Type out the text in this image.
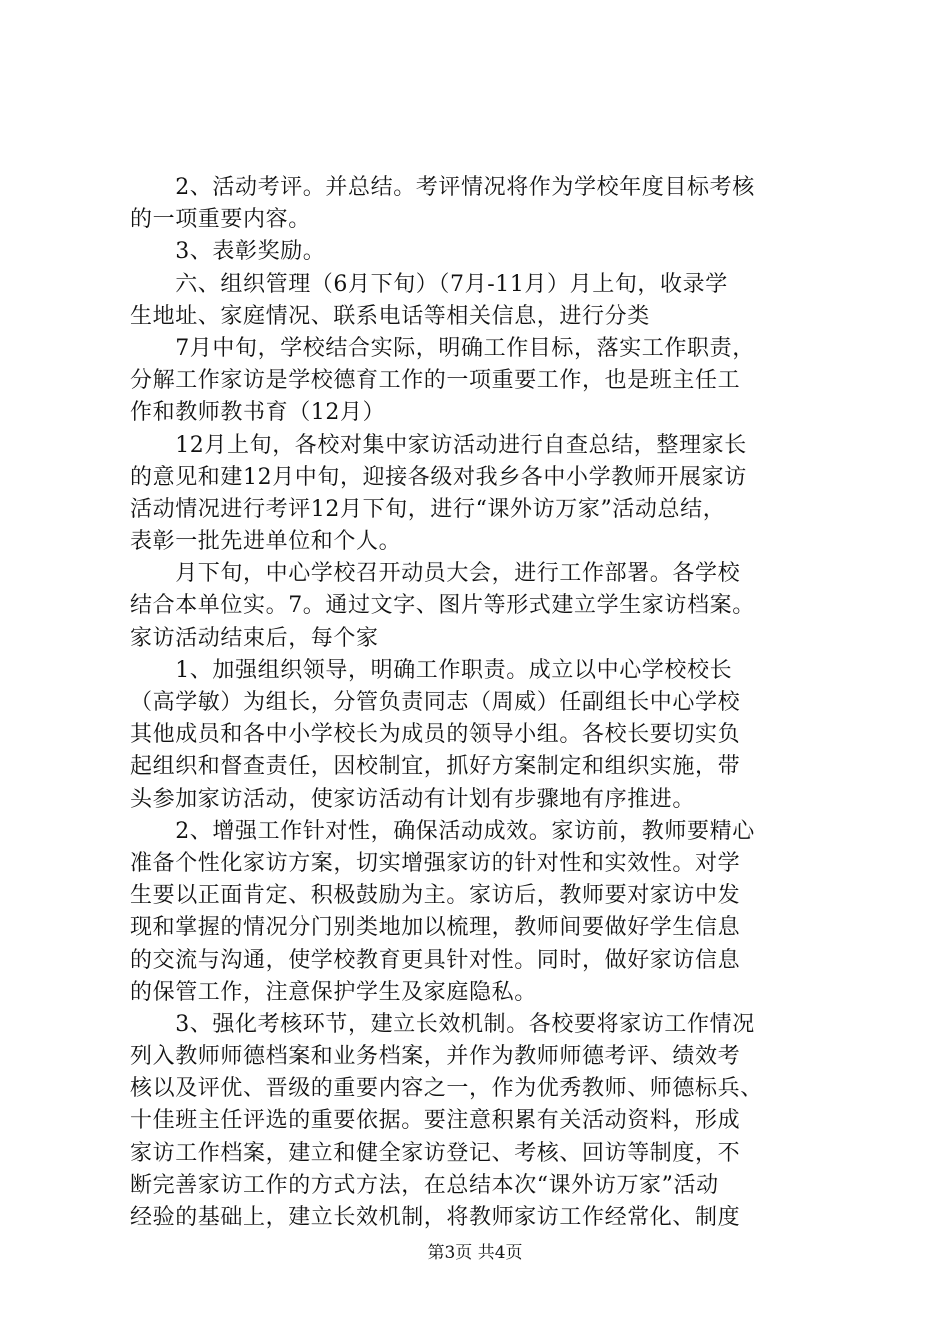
　　2、活动考评。并总结。考评情况将作为学校年度目标考核
的一项重要内容。
　　3、表彰奖励。
　　六、组织管理（6月下旬）（7月-11月）月上旬，收录学
生地址、家庭情况、联系电话等相关信息，进行分类
　　7月中旬，学校结合实际，明确工作目标，落实工作职责，
分解工作家访是学校德育工作的一项重要工作，也是班主任工
作和教师教书育（12月）
　　12月上旬，各校对集中家访活动进行自查总结，整理家长
的意见和建12月中旬，迎接各级对我乡各中小学教师开展家访
活动情况进行考评12月下旬，进行“课外访万家”活动总结，
表彰一批先进单位和个人。
　　月下旬，中心学校召开动员大会，进行工作部署。各学校
结合本单位实。7。通过文字、图片等形式建立学生家访档案。
家访活动结束后，每个家
　　1、加强组织领导，明确工作职责。成立以中心学校校长
（高学敏）为组长，分管负责同志（周威）任副组长中心学校
其他成员和各中小学校长为成员的领导小组。各校长要切实负
起组织和督查责任，因校制宜，抓好方案制定和组织实施，带
头参加家访活动，使家访活动有计划有步骤地有序推进。
　　2、增强工作针对性，确保活动成效。家访前，教师要精心
准备个性化家访方案，切实增强家访的针对性和实效性。对学
生要以正面肯定、积极鼓励为主。家访后，教师要对家访中发
现和掌握的情况分门别类地加以梳理，教师间要做好学生信息
的交流与沟通，使学校教育更具针对性。同时，做好家访信息
的保管工作，注意保护学生及家庭隐私。
　　3、强化考核环节，建立长效机制。各校要将家访工作情况
列入教师师德档案和业务档案，并作为教师师德考评、绩效考
核以及评优、晋级的重要内容之一，作为优秀教师、师德标兵、
十佳班主任评选的重要依据。要注意积累有关活动资料，形成
家访工作档案，建立和健全家访登记、考核、回访等制度，不
断完善家访工作的方式方法，在总结本次“课外访万家”活动
经验的基础上，建立长效机制，将教师家访工作经常化、制度
第3页 共4页
